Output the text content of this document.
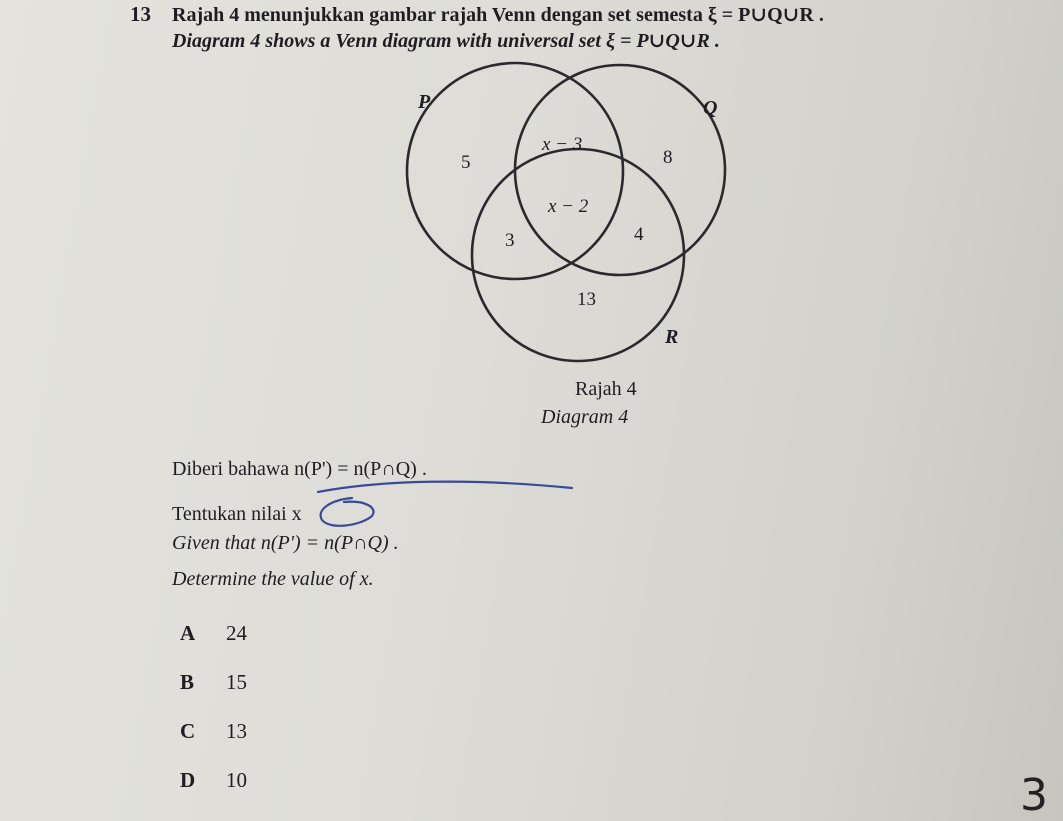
13 Rajah 4 menunjukkan gambar rajah Venn dengan set semesta ξ = P∪Q∪R .
Diagram 4 shows a Venn diagram with universal set ξ = P∪Q∪R .
P	Q
R
5
x − 3
8
x − 2
3	4
13
Rajah 4
Diagram 4
Diberi bahawa n(P') = n(P∩Q) .
Tentukan nilai x
Given that n(P') = n(P∩Q) .
Determine the value of x.
A 24
B 15
C 13
D 10	3
